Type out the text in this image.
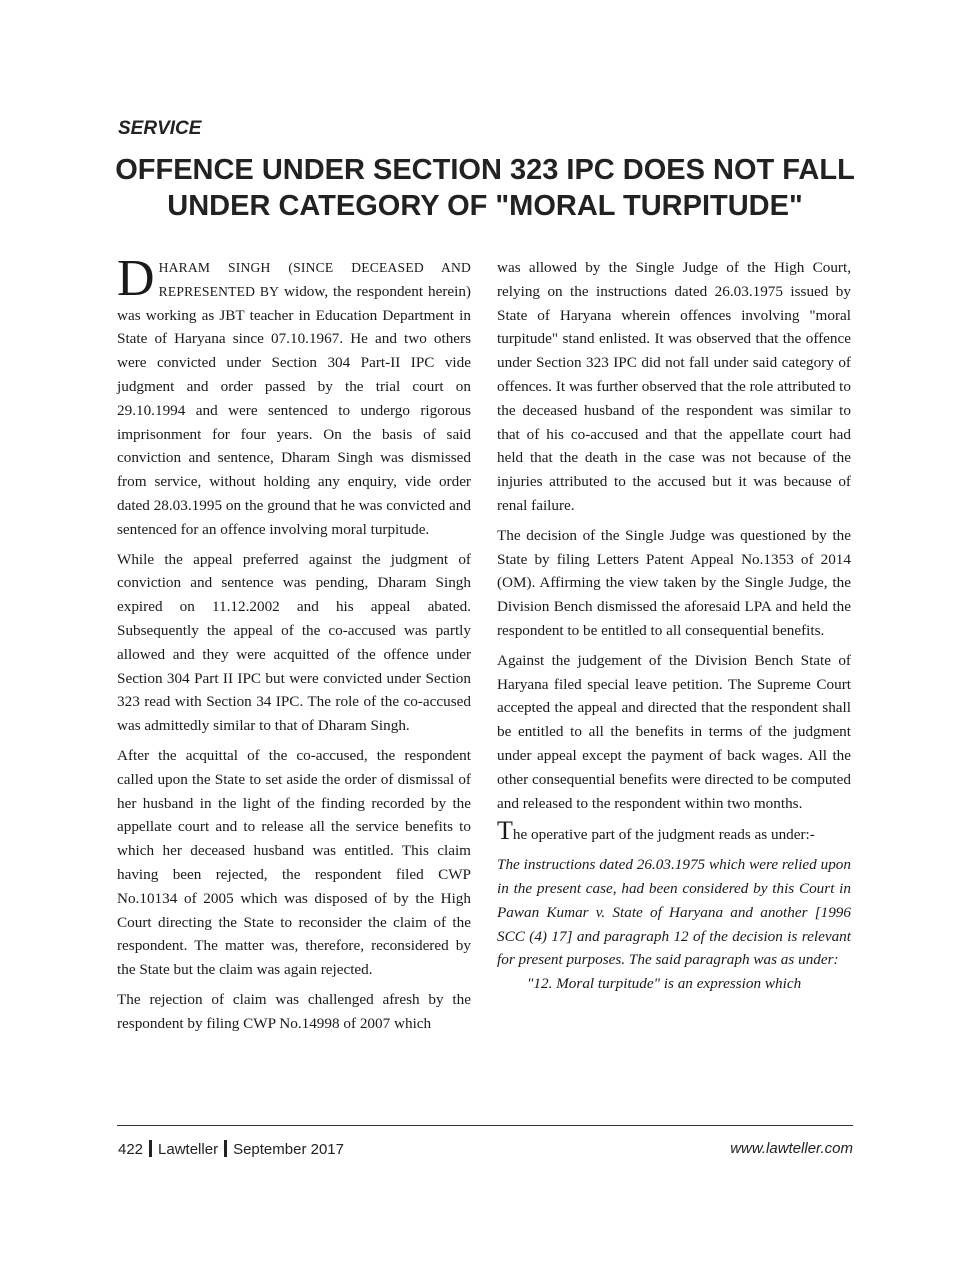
SERVICE
OFFENCE UNDER SECTION 323 IPC DOES NOT FALL
UNDER CATEGORY OF "MORAL TURPITUDE"

DHARAM SINGH (SINCE DECEASED AND REPRESENTED BY widow, the respondent herein) was working as JBT teacher in Education Department in State of Haryana since 07.10.1967. He and two others were convicted under Section 304 Part-II IPC vide judgment and order passed by the trial court on 29.10.1994 and were sentenced to undergo rigorous imprisonment for four years. On the basis of said conviction and sentence, Dharam Singh was dismissed from service, without holding any enquiry, vide order dated 28.03.1995 on the ground that he was convicted and sentenced for an offence involving moral turpitude.

While the appeal preferred against the judgment of conviction and sentence was pending, Dharam Singh expired on 11.12.2002 and his appeal abated. Subsequently the appeal of the co-accused was partly allowed and they were acquitted of the offence under Section 304 Part II IPC but were convicted under Section 323 read with Section 34 IPC. The role of the co-accused was admittedly similar to that of Dharam Singh.

After the acquittal of the co-accused, the respondent called upon the State to set aside the order of dismissal of her husband in the light of the finding recorded by the appellate court and to release all the service benefits to which her deceased husband was entitled. This claim having been rejected, the respondent filed CWP No.10134 of 2005 which was disposed of by the High Court directing the State to reconsider the claim of the respondent. The matter was, therefore, reconsidered by the State but the claim was again rejected.

The rejection of claim was challenged afresh by the respondent by filing CWP No.14998 of 2007 which

was allowed by the Single Judge of the High Court, relying on the instructions dated 26.03.1975 issued by State of Haryana wherein offences involving "moral turpitude" stand enlisted. It was observed that the offence under Section 323 IPC did not fall under said category of offences. It was further observed that the role attributed to the deceased husband of the respondent was similar to that of his co-accused and that the appellate court had held that the death in the case was not because of the injuries attributed to the accused but it was because of renal failure.

The decision of the Single Judge was questioned by the State by filing Letters Patent Appeal No.1353 of 2014 (OM). Affirming the view taken by the Single Judge, the Division Bench dismissed the aforesaid LPA and held the respondent to be entitled to all consequential benefits.

Against the judgement of the Division Bench State of Haryana filed special leave petition. The Supreme Court accepted the appeal and directed that the respondent shall be entitled to all the benefits in terms of the judgment under appeal except the payment of back wages. All the other consequential benefits were directed to be computed and released to the respondent within two months.

The operative part of the judgment reads as under:-

The instructions dated 26.03.1975 which were relied upon in the present case, had been considered by this Court in Pawan Kumar v. State of Haryana and another [1996 SCC (4) 17] and paragraph 12 of the decision is relevant for present purposes. The said paragraph was as under:

"12. Moral turpitude" is an expression which

422 Lawteller September 2017	www.lawteller.com
